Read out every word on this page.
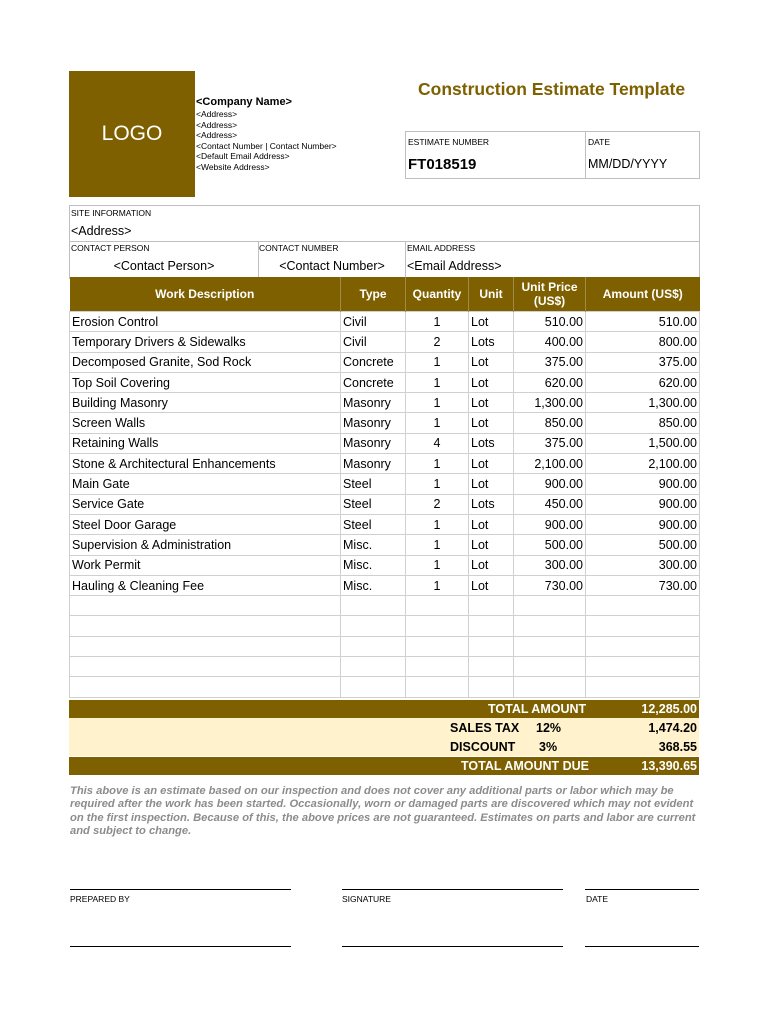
LOGO
<Company Name>
<Address>
<Address>
<Address>
<Contact Number | Contact Number>
<Default Email Address>
<Website Address>
Construction Estimate Template
ESTIMATE NUMBER
FT018519
DATE
MM/DD/YYYY
SITE INFORMATION
<Address>
CONTACT PERSON
<Contact Person>
CONTACT NUMBER
<Contact Number>
EMAIL ADDRESS
<Email Address>
Work Description	Type	Quantity	Unit	Unit Price (US$)	Amount (US$)
Erosion Control	Civil	1	Lot	510.00	510.00
Temporary Drivers & Sidewalks	Civil	2	Lots	400.00	800.00
Decomposed Granite, Sod Rock	Concrete	1	Lot	375.00	375.00
Top Soil Covering	Concrete	1	Lot	620.00	620.00
Building Masonry	Masonry	1	Lot	1,300.00	1,300.00
Screen Walls	Masonry	1	Lot	850.00	850.00
Retaining Walls	Masonry	4	Lots	375.00	1,500.00
Stone & Architectural Enhancements	Masonry	1	Lot	2,100.00	2,100.00
Main Gate	Steel	1	Lot	900.00	900.00
Service Gate	Steel	2	Lots	450.00	900.00
Steel Door Garage	Steel	1	Lot	900.00	900.00
Supervision & Administration	Misc.	1	Lot	500.00	500.00
Work Permit	Misc.	1	Lot	300.00	300.00
Hauling & Cleaning Fee	Misc.	1	Lot	730.00	730.00

TOTAL AMOUNT	12,285.00
SALES TAX 12%	1,474.20
DISCOUNT 3%	368.55
TOTAL AMOUNT DUE	13,390.65
This above is an estimate based on our inspection and does not cover any additional parts or labor which may be required after the work has been started. Occasionally, worn or damaged parts are discovered which may not evident on the first inspection. Because of this, the above prices are not guaranteed. Estimates on parts and labor are current and subject to change.
PREPARED BY	SIGNATURE	DATE
